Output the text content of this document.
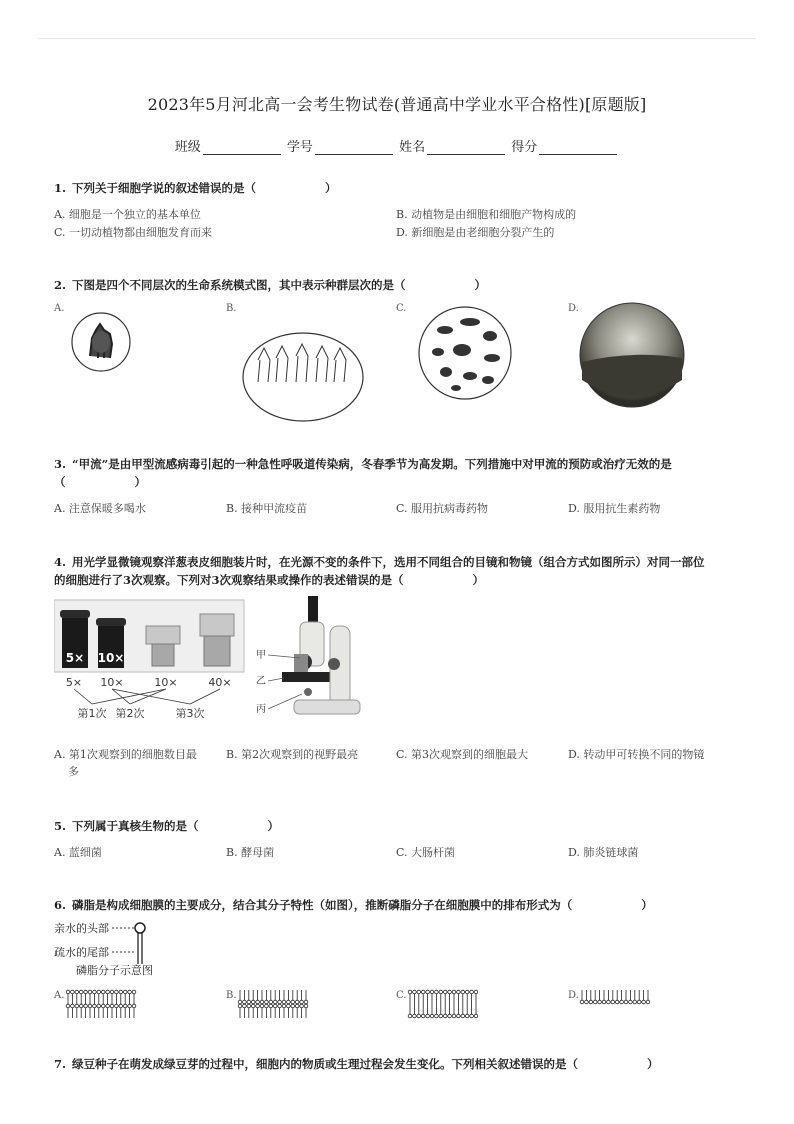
2023年5月河北高一会考生物试卷(普通高中学业水平合格性)[原题版]
班级	学号	姓名	得分
1. 下列关于细胞学说的叙述错误的是（　　　　　　）
A. 细胞是一个独立的基本单位	B. 动植物是由细胞和细胞产物构成的
C. 一切动植物都由细胞发育而来	D. 新细胞是由老细胞分裂产生的
2. 下图是四个不同层次的生命系统模式图，其中表示种群层次的是（　　　　　　）
A.	B.	C.	D.
3. “甲流”是由甲型流感病毒引起的一种急性呼吸道传染病，冬春季节为高发期。下列措施中对甲流的预防或治疗无效的是
（　　　　　　）
A. 注意保暖多喝水	B. 接种甲流疫苗	C. 服用抗病毒药物	D. 服用抗生素药物
4. 用光学显微镜观察洋葱表皮细胞装片时，在光源不变的条件下，选用不同组合的目镜和物镜（组合方式如图所示）对同一部位
的细胞进行了3次观察。下列对3次观察结果或操作的表述错误的是（　　　　　　）
5× 10×
5× 10×	10×	40×
第1次 第2次	第3次
甲
乙
丙
A. 第1次观察到的细胞数目最
多
B. 第2次观察到的视野最亮	C. 第3次观察到的细胞最大	D. 转动甲可转换不同的物镜
5. 下列属于真核生物的是（　　　　　　）
A. 蓝细菌	B. 酵母菌	C. 大肠杆菌	D. 肺炎链球菌
6. 磷脂是构成细胞膜的主要成分，结合其分子特性（如图），推断磷脂分子在细胞膜中的排布形式为（　　　　　　）
亲水的头部
疏水的尾部
磷脂分子示意图
A.	B.	C.	D.
7. 绿豆种子在萌发成绿豆芽的过程中，细胞内的物质或生理过程会发生变化。下列相关叙述错误的是（　　　　　　）
